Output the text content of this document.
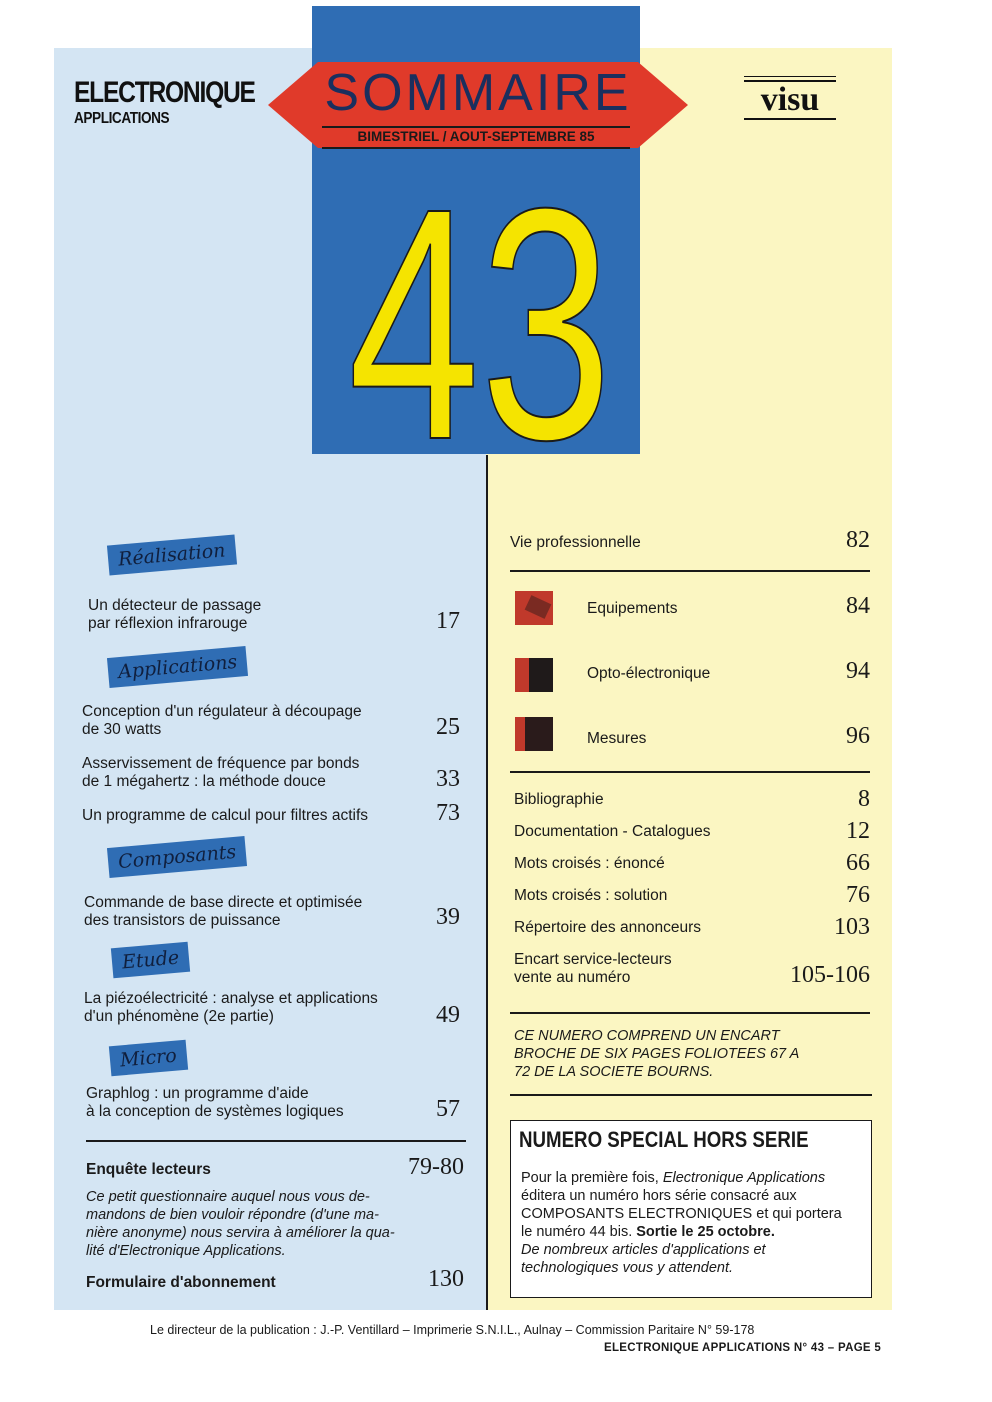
SOMMAIRE
BIMESTRIEL / AOUT-SEPTEMBRE 85
ELECTRONIQUE
APPLICATIONS
visu
43
Réalisation
Un détecteur de passage
par réflexion infrarouge	17
Applications
Conception d'un régulateur à découpage
de 30 watts	25
Asservissement de fréquence par bonds
de 1 mégahertz : la méthode douce	33
Un programme de calcul pour filtres actifs	73
Composants
Commande de base directe et optimisée
des transistors de puissance	39
Etude
La piézoélectricité : analyse et applications
d'un phénomène (2e partie)	49
Micro
Graphlog : un programme d'aide
à la conception de systèmes logiques	57
Enquête lecteurs	79-80
Ce petit questionnaire auquel nous vous de-
mandons de bien vouloir répondre (d'une ma-
nière anonyme) nous servira à améliorer la qua-
lité d'Electronique Applications.
Formulaire d'abonnement	130
Vie professionnelle	82
Equipements	84
Opto-électronique	94
Mesures	96
Bibliographie	8
Documentation - Catalogues	12
Mots croisés : énoncé	66
Mots croisés : solution	76
Répertoire des annonceurs	103
Encart service-lecteurs
vente au numéro	105-106
CE NUMERO COMPREND UN ENCART
BROCHE DE SIX PAGES FOLIOTEES 67 A
72 DE LA SOCIETE BOURNS.
NUMERO SPECIAL HORS SERIE
Pour la première fois, Electronique Applications
éditera un numéro hors série consacré aux
COMPOSANTS ELECTRONIQUES et qui portera
le numéro 44 bis. Sortie le 25 octobre.
De nombreux articles d'applications et
technologiques vous y attendent.
Le directeur de la publication : J.-P. Ventillard – Imprimerie S.N.I.L., Aulnay – Commission Paritaire N° 59-178
ELECTRONIQUE APPLICATIONS N° 43 – PAGE 5
